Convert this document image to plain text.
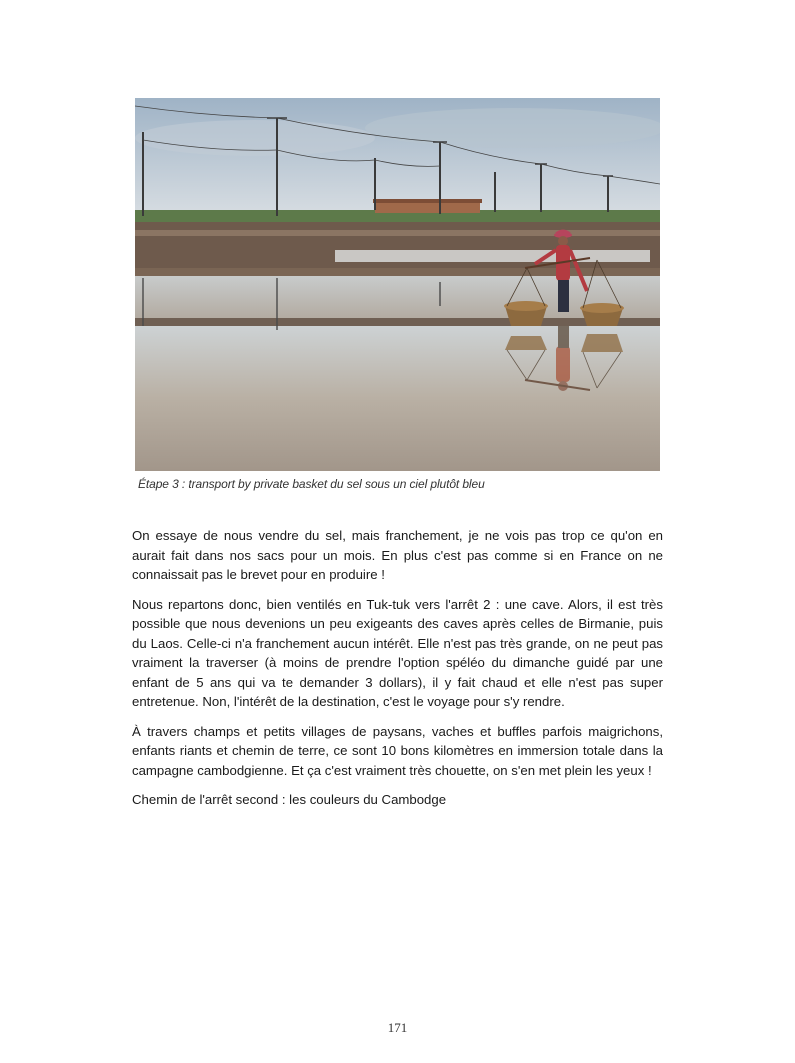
Étape 3 : transport by private basket du sel sous un ciel plutôt bleu

On essaye de nous vendre du sel, mais franchement, je ne vois pas trop ce qu'on en aurait fait dans nos sacs pour un mois. En plus c'est pas comme si en France on ne connaissait pas le brevet pour en produire !

Nous repartons donc, bien ventilés en Tuk-tuk vers l'arrêt 2 : une cave. Alors, il est très possible que nous devenions un peu exigeants des caves après celles de Birmanie, puis du Laos. Celle-ci n'a franchement aucun intérêt. Elle n'est pas très grande, on ne peut pas vraiment la traverser (à moins de prendre l'option spéléo du dimanche guidé par une enfant de 5 ans qui va te demander 3 dollars), il y fait chaud et elle n'est pas super entretenue. Non, l'intérêt de la destination, c'est le voyage pour s'y rendre.

À travers champs et petits villages de paysans, vaches et buffles parfois maigrichons, enfants riants et chemin de terre, ce sont 10 bons kilomètres en immersion totale dans la campagne cambodgienne. Et ça c'est vraiment très chouette, on s'en met plein les yeux !

Chemin de l'arrêt second : les couleurs du Cambodge

171
